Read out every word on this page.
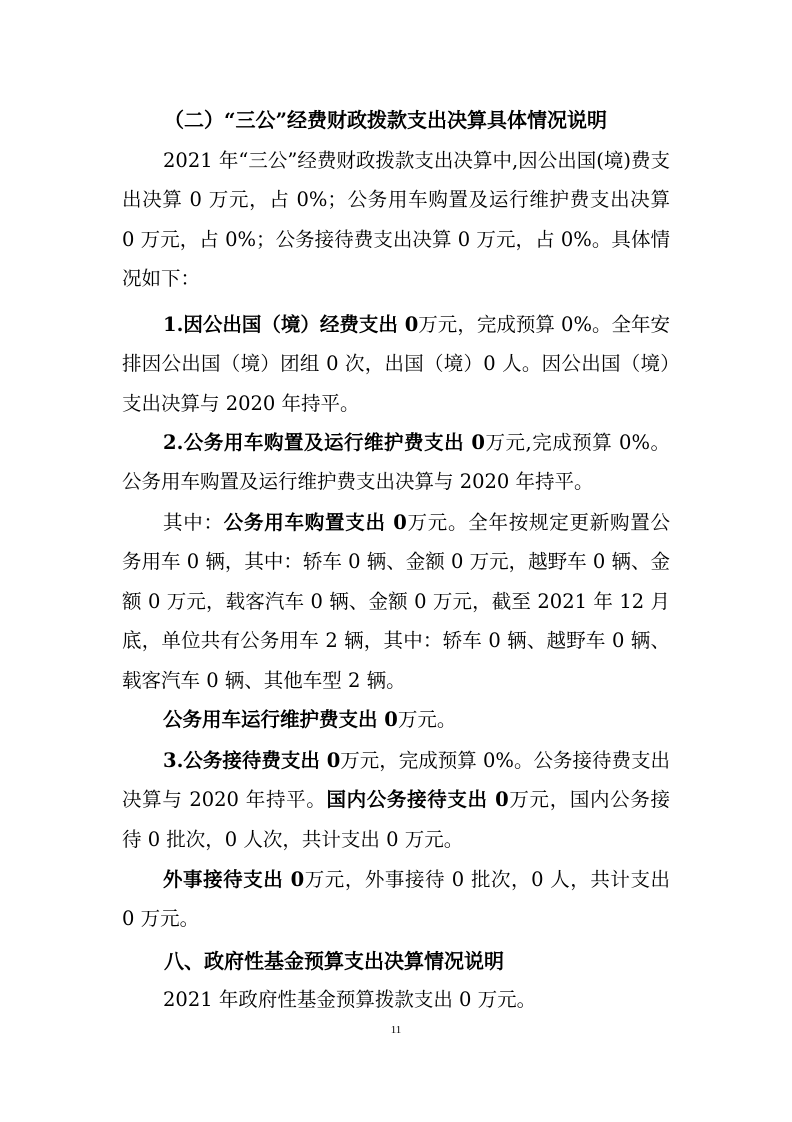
（二）“三公”经费财政拨款支出决算具体情况说明
2021 年“三公”经费财政拨款支出决算中,因公出国(境)费支出决算 0 万元，占 0%；公务用车购置及运行维护费支出决算 0 万元，占 0%；公务接待费支出决算 0 万元，占 0%。具体情况如下：
1.因公出国（境）经费支出 0万元，完成预算 0%。全年安排因公出国（境）团组 0 次，出国（境）0 人。因公出国（境）支出决算与 2020 年持平。
2.公务用车购置及运行维护费支出 0万元,完成预算 0%。公务用车购置及运行维护费支出决算与 2020 年持平。
其中：公务用车购置支出 0万元。全年按规定更新购置公务用车 0 辆，其中：轿车 0 辆、金额 0 万元，越野车 0 辆、金额 0 万元，载客汽车 0 辆、金额 0 万元，截至 2021 年 12 月底，单位共有公务用车 2 辆，其中：轿车 0 辆、越野车 0 辆、载客汽车 0 辆、其他车型 2 辆。
公务用车运行维护费支出 0万元。
3.公务接待费支出 0万元，完成预算 0%。公务接待费支出决算与 2020 年持平。国内公务接待支出 0万元，国内公务接待 0 批次，0 人次，共计支出 0 万元。
外事接待支出 0万元，外事接待 0 批次，0 人，共计支出 0 万元。
八、政府性基金预算支出决算情况说明
2021 年政府性基金预算拨款支出 0 万元。
11
